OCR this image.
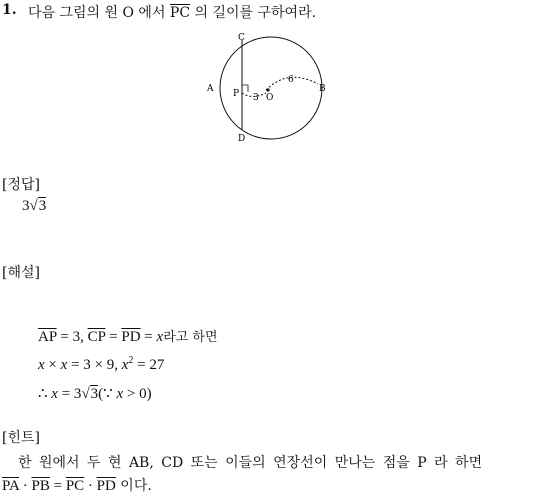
1. 다음 그림의 원 O 에서 $\overline{PC}$ 의 길이를 구하여라.
C
A P 3 O
6
B
D
[정답]
3√3
[해설]
$\overline{AP} = 3$, $\overline{CP} = \overline{PD} = x$라고 하면
x × x = 3 × 9, $x^2 = 27$
∴ x = 3√3(∵ x > 0)
[힌트]
한 원에서 두 현 AB, CD 또는 이들의 연장선이 만나는 점을 P 라 하면
$\overline{PA} \cdot \overline{PB} = \overline{PC} \cdot \overline{PD}$ 이다.
